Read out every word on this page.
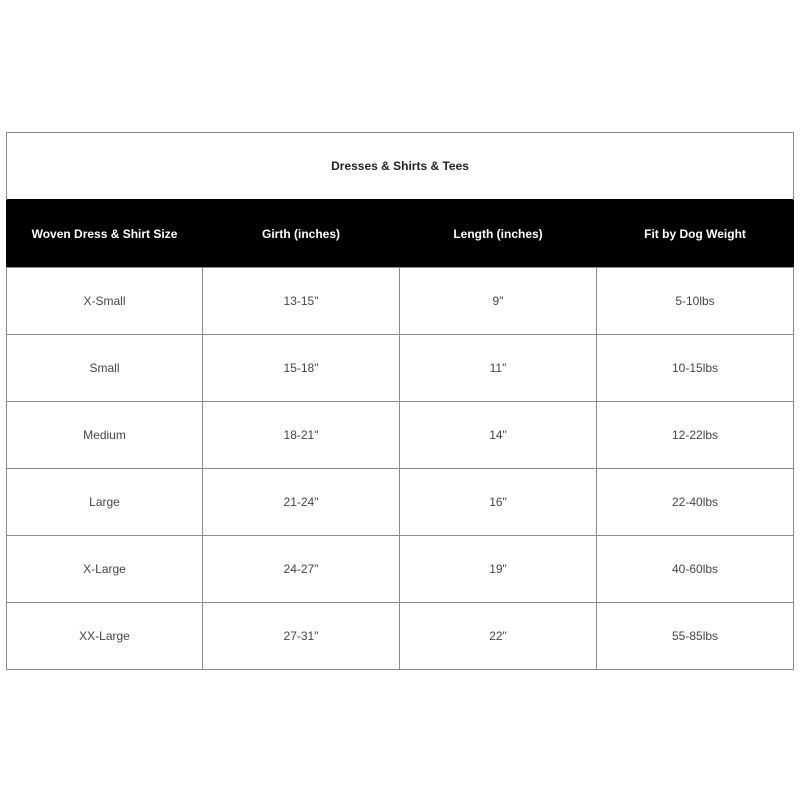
Dresses & Shirts & Tees			
Woven Dress & Shirt Size	Girth (inches)	Length (inches)	Fit by Dog Weight
X-Small	13-15"	9"	5-10lbs
Small	15-18"	11"	10-15lbs
Medium	18-21"	14"	12-22lbs
Large	21-24"	16"	22-40lbs
X-Large	24-27"	19"	40-60lbs
XX-Large	27-31"	22"	55-85lbs
